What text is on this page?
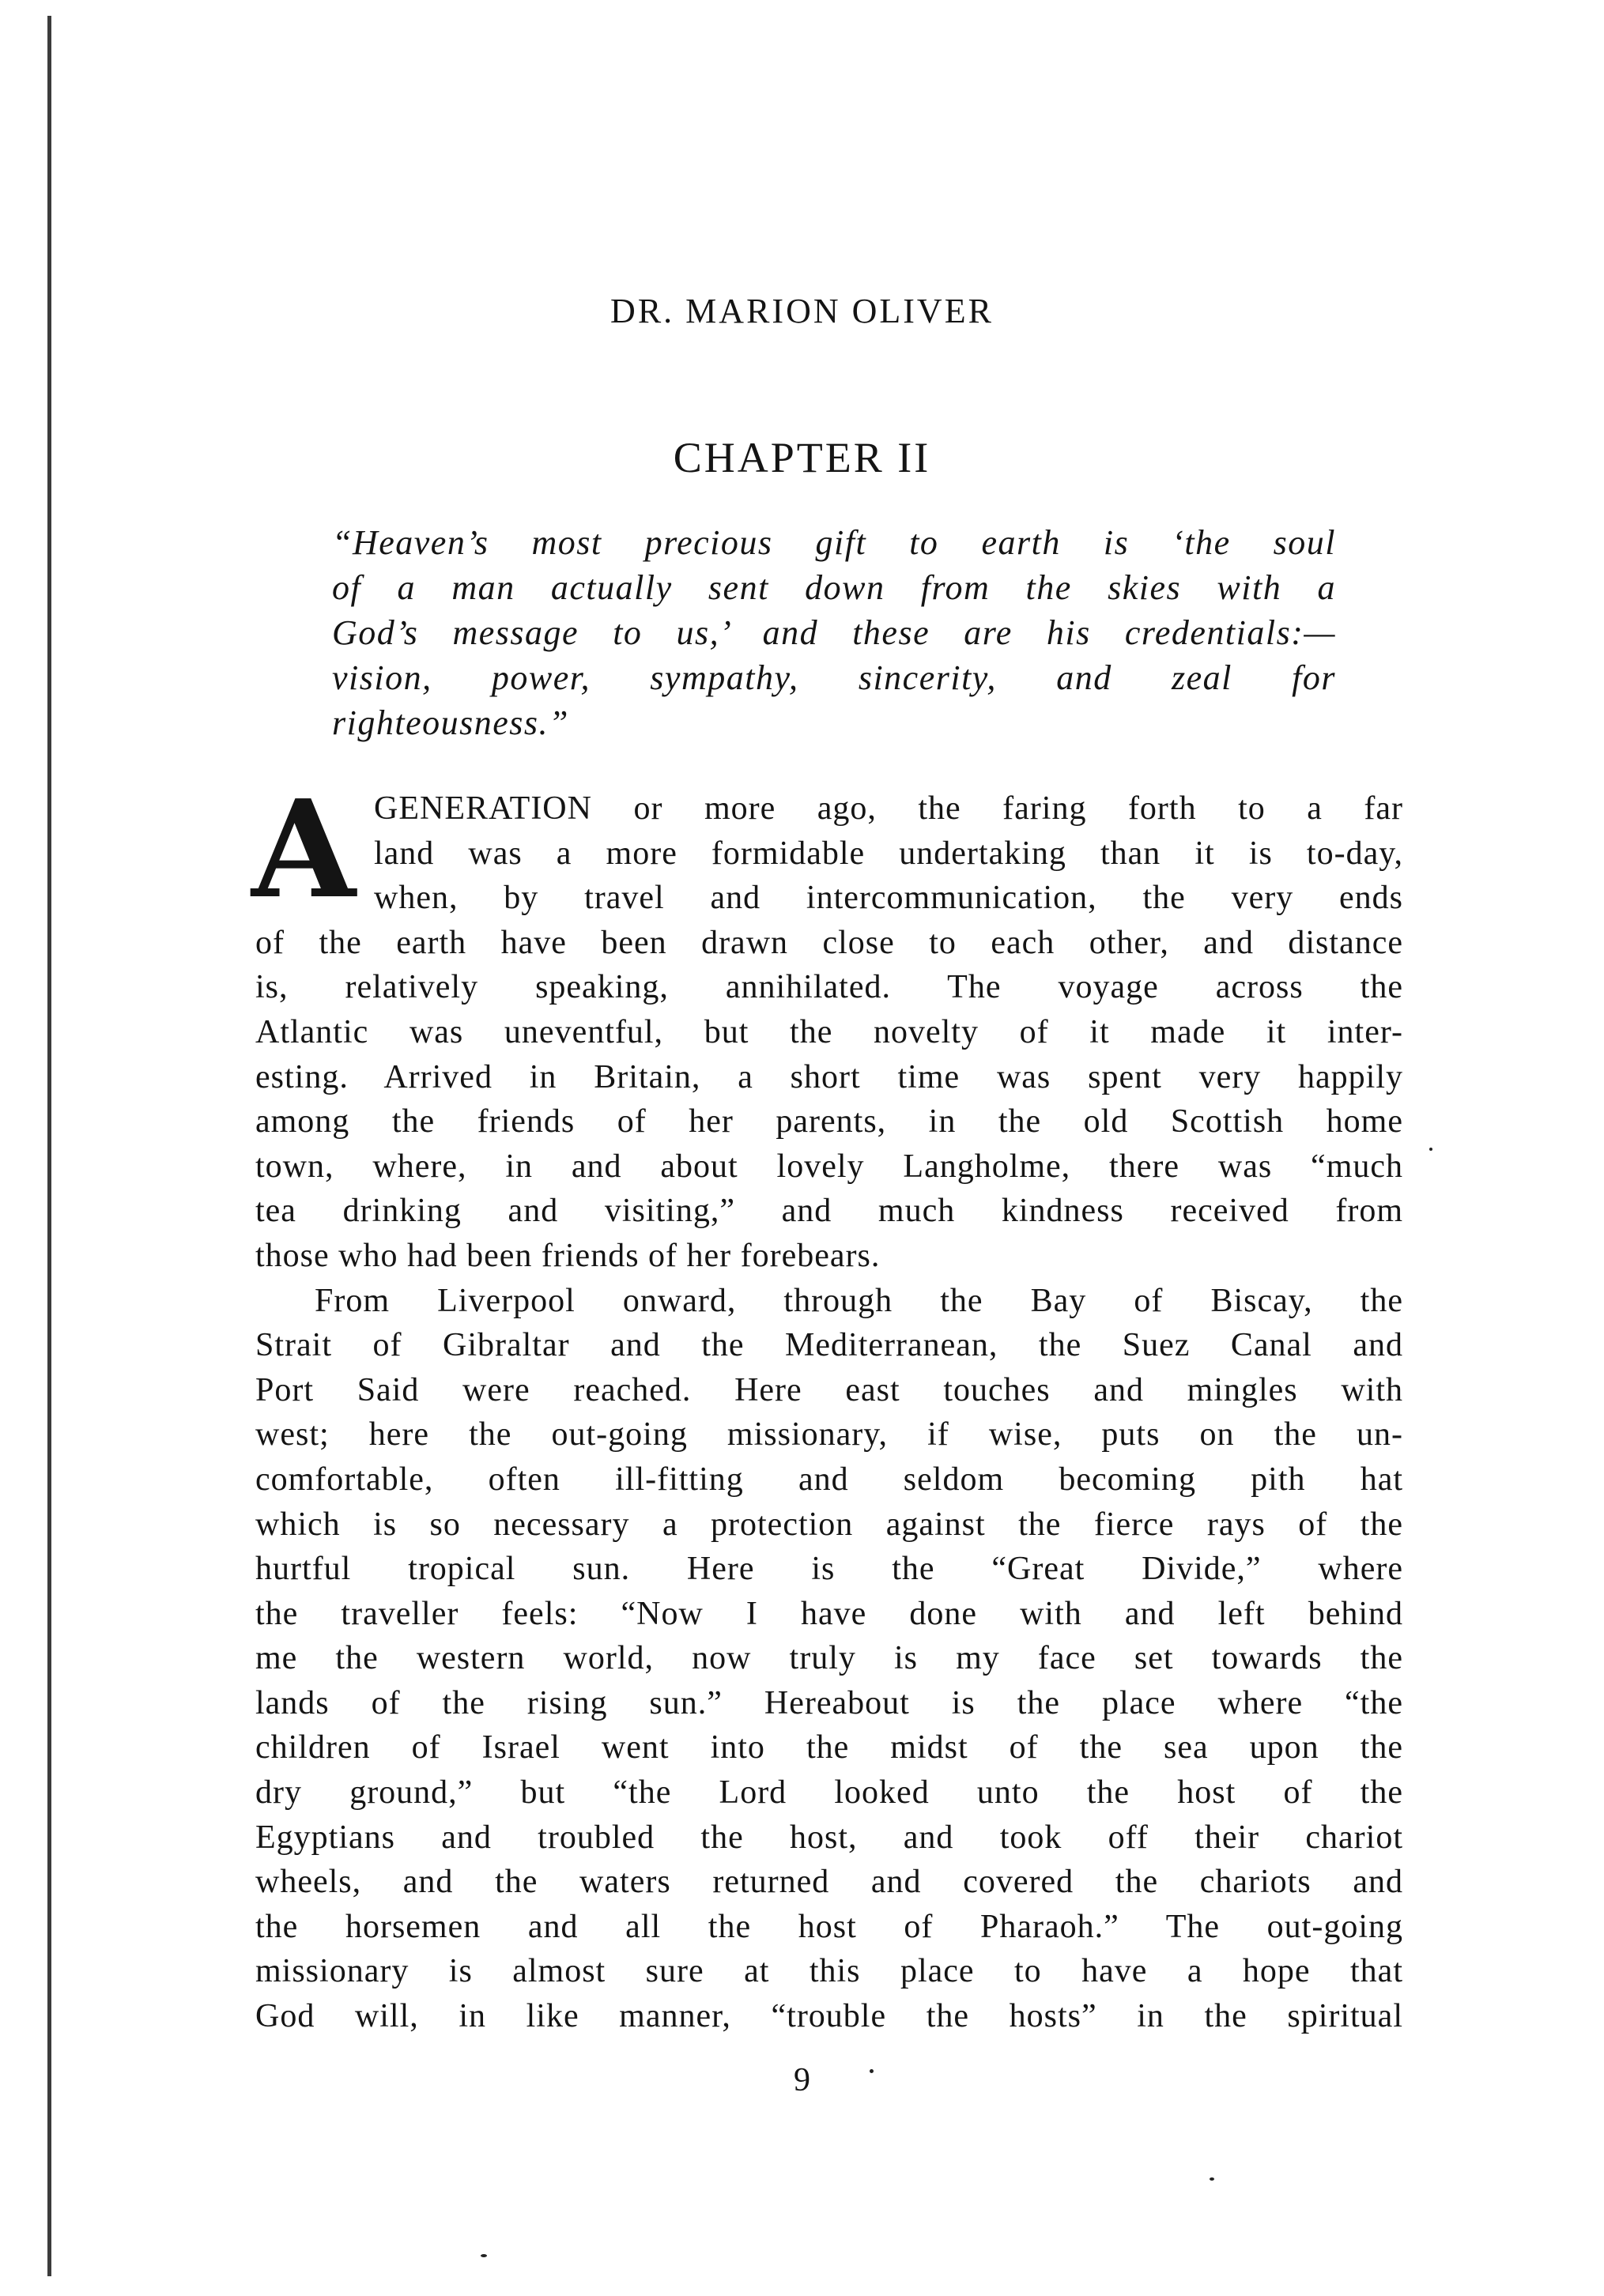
DR. MARION OLIVER
CHAPTER II
“Heaven’s most precious gift to earth is ‘the soul
of a man actually sent down from the skies with a
God’s message to us,’ and these are his credentials:—
vision, power, sympathy, sincerity, and zeal for
righteousness.”
A GENERATION or more ago, the faring forth to a far
land was a more formidable undertaking than it is to-day,
when, by travel and intercommunication, the very ends
of the earth have been drawn close to each other, and distance
is, relatively speaking, annihilated. The voyage across the
Atlantic was uneventful, but the novelty of it made it inter-
esting. Arrived in Britain, a short time was spent very happily
among the friends of her parents, in the old Scottish home
town, where, in and about lovely Langholme, there was “much
tea drinking and visiting,” and much kindness received from
those who had been friends of her forebears.
From Liverpool onward, through the Bay of Biscay, the
Strait of Gibraltar and the Mediterranean, the Suez Canal and
Port Said were reached. Here east touches and mingles with
west; here the out-going missionary, if wise, puts on the un-
comfortable, often ill-fitting and seldom becoming pith hat
which is so necessary a protection against the fierce rays of the
hurtful tropical sun. Here is the “Great Divide,” where
the traveller feels: “Now I have done with and left behind
me the western world, now truly is my face set towards the
lands of the rising sun.” Hereabout is the place where “the
children of Israel went into the midst of the sea upon the
dry ground,” but “the Lord looked unto the host of the
Egyptians and troubled the host, and took off their chariot
wheels, and the waters returned and covered the chariots and
the horsemen and all the host of Pharaoh.” The out-going
missionary is almost sure at this place to have a hope that
God will, in like manner, “trouble the hosts” in the spiritual
9
